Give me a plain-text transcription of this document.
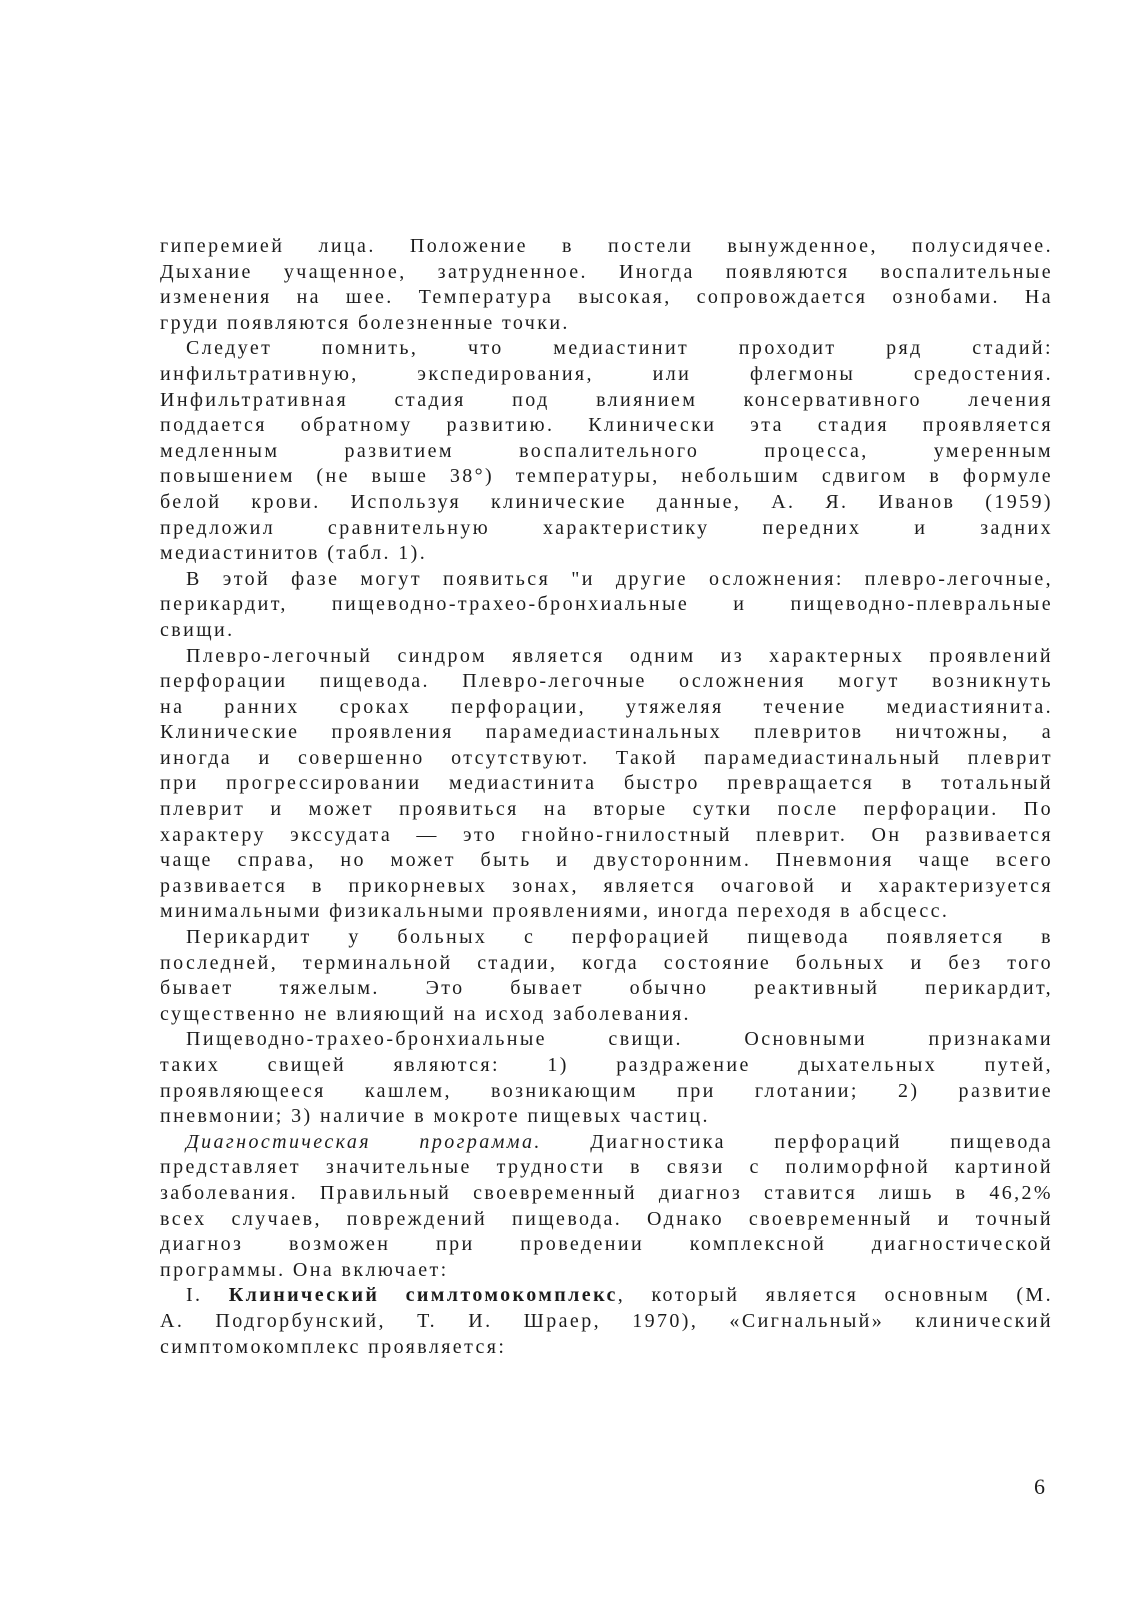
гиперемией лица. Положение в постели вынужденное, полусидячее.
Дыхание учащенное, затрудненное. Иногда появляются воспалительные
изменения на шее. Температура высокая, сопровождается ознобами. На
груди появляются болезненные точки.
Следует помнить, что медиастинит проходит ряд стадий:
инфильтративную, экспедирования, или флегмоны средостения.
Инфильтративная стадия под влиянием консервативного лечения
поддается обратному развитию. Клинически эта стадия проявляется
медленным развитием воспалительного процесса, умеренным
повышением (не выше 38°) температуры, небольшим сдвигом в формуле
белой крови. Используя клинические данные, А. Я. Иванов (1959)
предложил сравнительную характеристику передних и задних
медиастинитов (табл. 1).
В этой фазе могут появиться "и другие осложнения: плевро-легочные,
перикардит, пищеводно-трахео-бронхиальные и пищеводно-плевральные
свищи.
Плевро-легочный синдром является одним из характерных проявлений
перфорации пищевода. Плевро-легочные осложнения могут возникнуть
на ранних сроках перфорации, утяжеляя течение медиастиянита.
Клинические проявления парамедиастинальных плевритов ничтожны, а
иногда и совершенно отсутствуют. Такой парамедиастинальный плеврит
при прогрессировании медиастинита быстро превращается в тотальный
плеврит и может проявиться на вторые сутки после перфорации. По
характеру экссудата — это гнойно-гнилостный плеврит. Он развивается
чаще справа, но может быть и двусторонним. Пневмония чаще всего
развивается в прикорневых зонах, является очаговой и характеризуется
минимальными физикальными проявлениями, иногда переходя в абсцесс.
Перикардит у больных с перфорацией пищевода появляется в
последней, терминальной стадии, когда состояние больных и без того
бывает тяжелым. Это бывает обычно реактивный перикардит,
существенно не влияющий на исход заболевания.
Пищеводно-трахео-бронхиальные свищи. Основными признаками
таких свищей являются: 1) раздражение дыхательных путей,
проявляющееся кашлем, возникающим при глотании; 2) развитие
пневмонии; 3) наличие в мокроте пищевых частиц.
Диагностическая программа. Диагностика перфораций пищевода
представляет значительные трудности в связи с полиморфной картиной
заболевания. Правильный своевременный диагноз ставится лишь в 46,2%
всех случаев, повреждений пищевода. Однако своевременный и точный
диагноз возможен при проведении комплексной диагностической
программы. Она включает:
I. Клинический симлтомокомплекс, который является основным (М.
А. Подгорбунский, Т. И. Шраер, 1970), «Сигнальный» клинический
симптомокомплекс проявляется:
6
